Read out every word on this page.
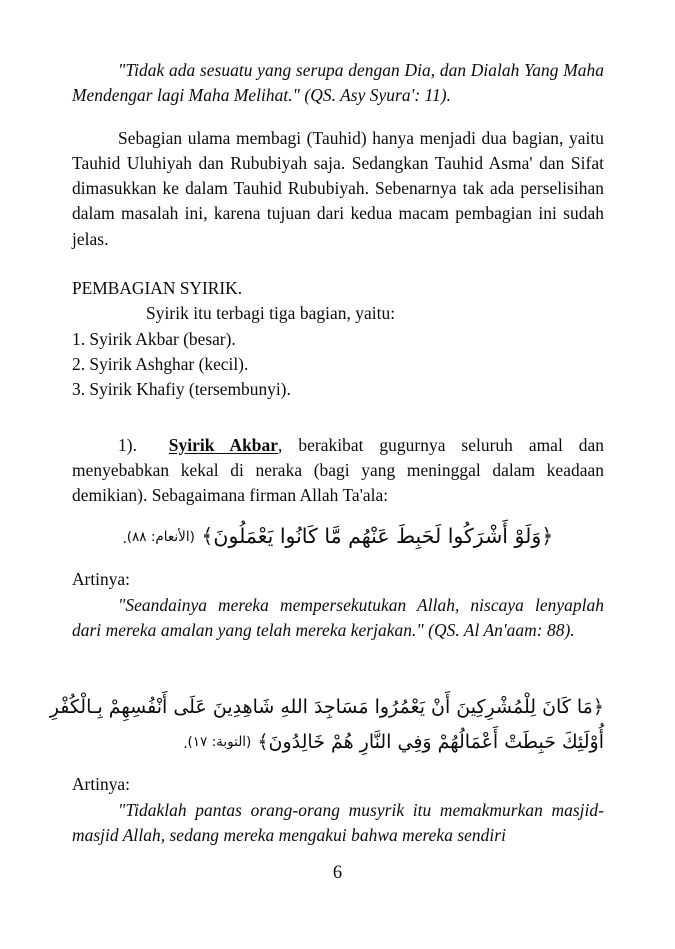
"Tidak ada sesuatu yang serupa dengan Dia, dan Dialah Yang Maha Mendengar lagi Maha Melihat." (QS. Asy Syura': 11).

Sebagian ulama membagi (Tauhid) hanya menjadi dua bagian, yaitu Tauhid Uluhiyah dan Rububiyah saja. Sedangkan Tauhid Asma' dan Sifat dimasukkan ke dalam Tauhid Rububiyah. Sebenarnya tak ada perselisihan dalam masalah ini, karena tujuan dari kedua macam pembagian ini sudah jelas.

PEMBAGIAN SYIRIK.

Syirik itu terbagi tiga bagian, yaitu:

1. Syirik Akbar (besar).

2. Syirik Ashghar (kecil).

3. Syirik Khafiy (tersembunyi).

1). Syirik Akbar, berakibat gugurnya seluruh amal dan menyebabkan kekal di neraka (bagi yang meninggal dalam keadaan demikian). Sebagaimana firman Allah Ta'ala:

﴿وَلَوْ أَشْرَكُوا لَحَبِطَ عَنْهُم مَّا كَانُوا يَعْمَلُونَ﴾ (الأنعام: ٨٨).

Artinya:

"Seandainya mereka mempersekutukan Allah, niscaya lenyaplah dari mereka amalan yang telah mereka kerjakan." (QS. Al An'aam: 88).

﴿مَا كَانَ لِلْمُشْرِكِينَ أَنْ يَعْمُرُوا مَسَاجِدَ اللهِ شَاهِدِينَ عَلَى أَنْفُسِهِمْ بِـالْكُفْرِ

أُوْلَئِكَ حَبِطَتْ أَعْمَالُهُمْ وَفِي النَّارِ هُمْ خَالِدُونَ﴾ (التوبة: ١٧).

Artinya:

"Tidaklah pantas orang-orang musyrik itu memakmurkan masjid-masjid Allah, sedang mereka mengakui bahwa mereka sendiri

6
